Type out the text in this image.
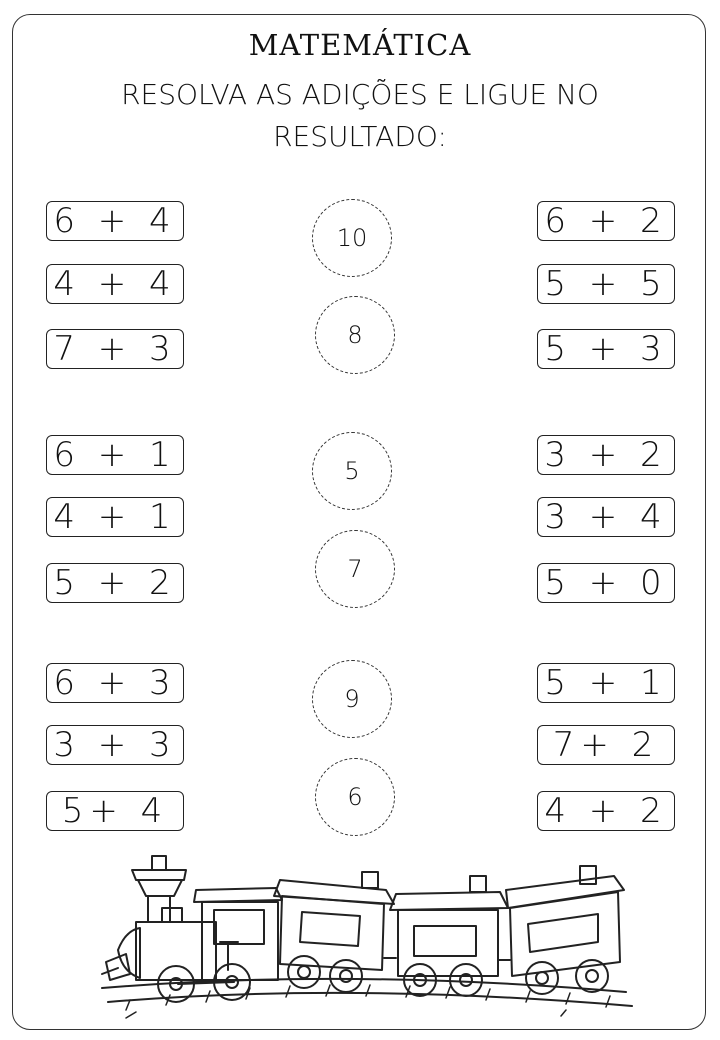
MATEMÁTICA
RESOLVA AS ADIÇÕES E LIGUE NO RESULTADO:
6 + 4
4 + 4
7 + 3
6 + 1
4 + 1
5 + 2
6 + 3
3 + 3
5+ 4
6 + 2
5 + 5
5 + 3
3 + 2
3 + 4
5 + 0
5 + 1
7+ 2
4 + 2
10
8
5
7
9
6
